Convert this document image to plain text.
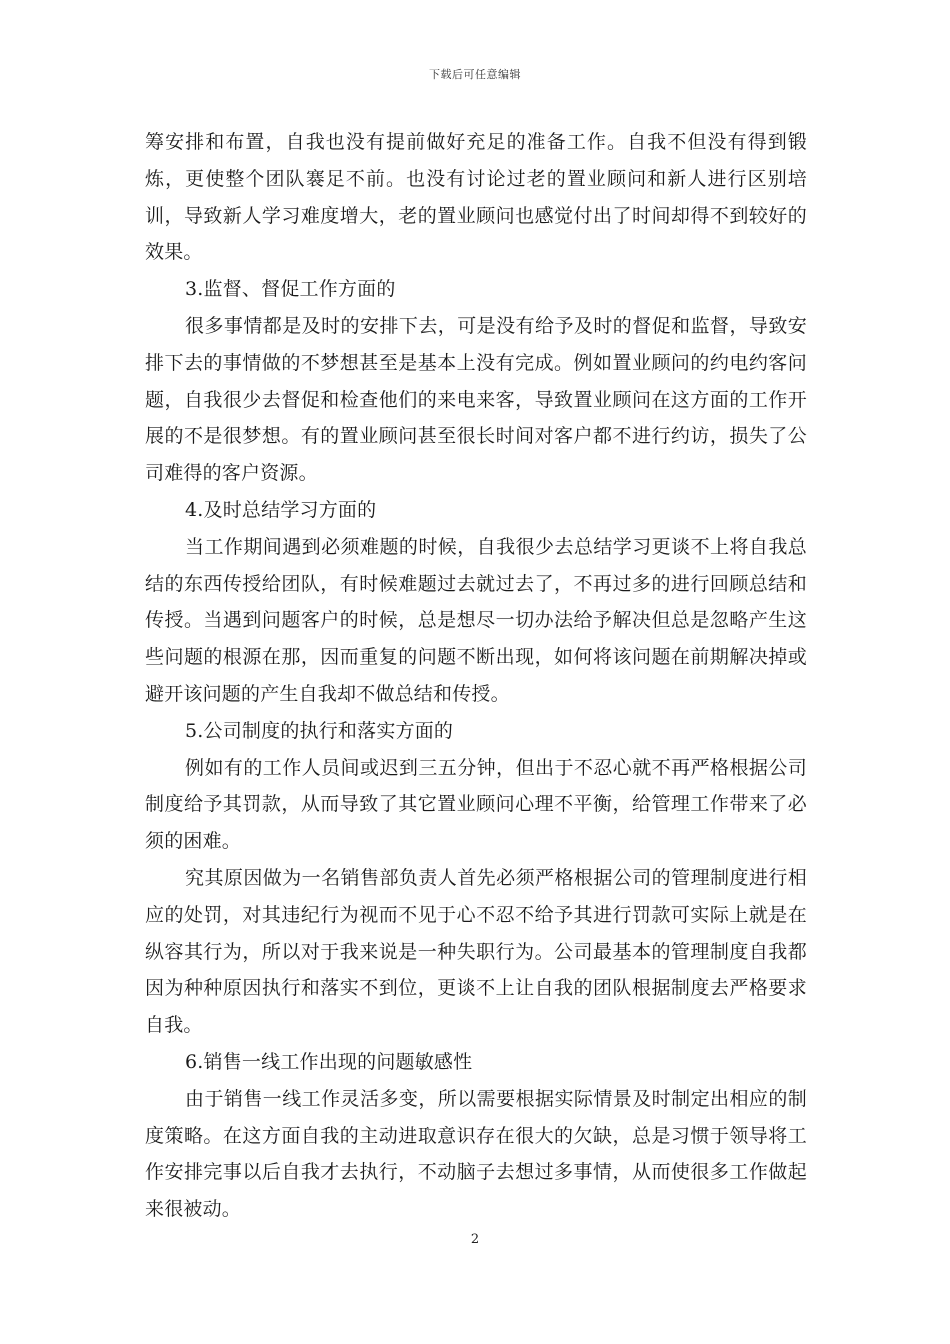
下载后可任意编辑

筹安排和布置，自我也没有提前做好充足的准备工作。自我不但没有得到锻炼，更使整个团队褰足不前。也没有讨论过老的置业顾问和新人进行区别培训，导致新人学习难度增大，老的置业顾问也感觉付出了时间却得不到较好的效果。

3.监督、督促工作方面的

很多事情都是及时的安排下去，可是没有给予及时的督促和监督，导致安排下去的事情做的不梦想甚至是基本上没有完成。例如置业顾问的约电约客问题，自我很少去督促和检查他们的来电来客，导致置业顾问在这方面的工作开展的不是很梦想。有的置业顾问甚至很长时间对客户都不进行约访，损失了公司难得的客户资源。

4.及时总结学习方面的

当工作期间遇到必须难题的时候，自我很少去总结学习更谈不上将自我总结的东西传授给团队，有时候难题过去就过去了，不再过多的进行回顾总结和传授。当遇到问题客户的时候，总是想尽一切办法给予解决但总是忽略产生这些问题的根源在那，因而重复的问题不断出现，如何将该问题在前期解决掉或避开该问题的产生自我却不做总结和传授。

5.公司制度的执行和落实方面的

例如有的工作人员间或迟到三五分钟，但出于不忍心就不再严格根据公司制度给予其罚款，从而导致了其它置业顾问心理不平衡，给管理工作带来了必须的困难。

究其原因做为一名销售部负责人首先必须严格根据公司的管理制度进行相应的处罚，对其违纪行为视而不见于心不忍不给予其进行罚款可实际上就是在纵容其行为，所以对于我来说是一种失职行为。公司最基本的管理制度自我都因为种种原因执行和落实不到位，更谈不上让自我的团队根据制度去严格要求自我。

6.销售一线工作出现的问题敏感性

由于销售一线工作灵活多变，所以需要根据实际情景及时制定出相应的制度策略。在这方面自我的主动进取意识存在很大的欠缺，总是习惯于领导将工作安排完事以后自我才去执行，不动脑子去想过多事情，从而使很多工作做起来很被动。

2
